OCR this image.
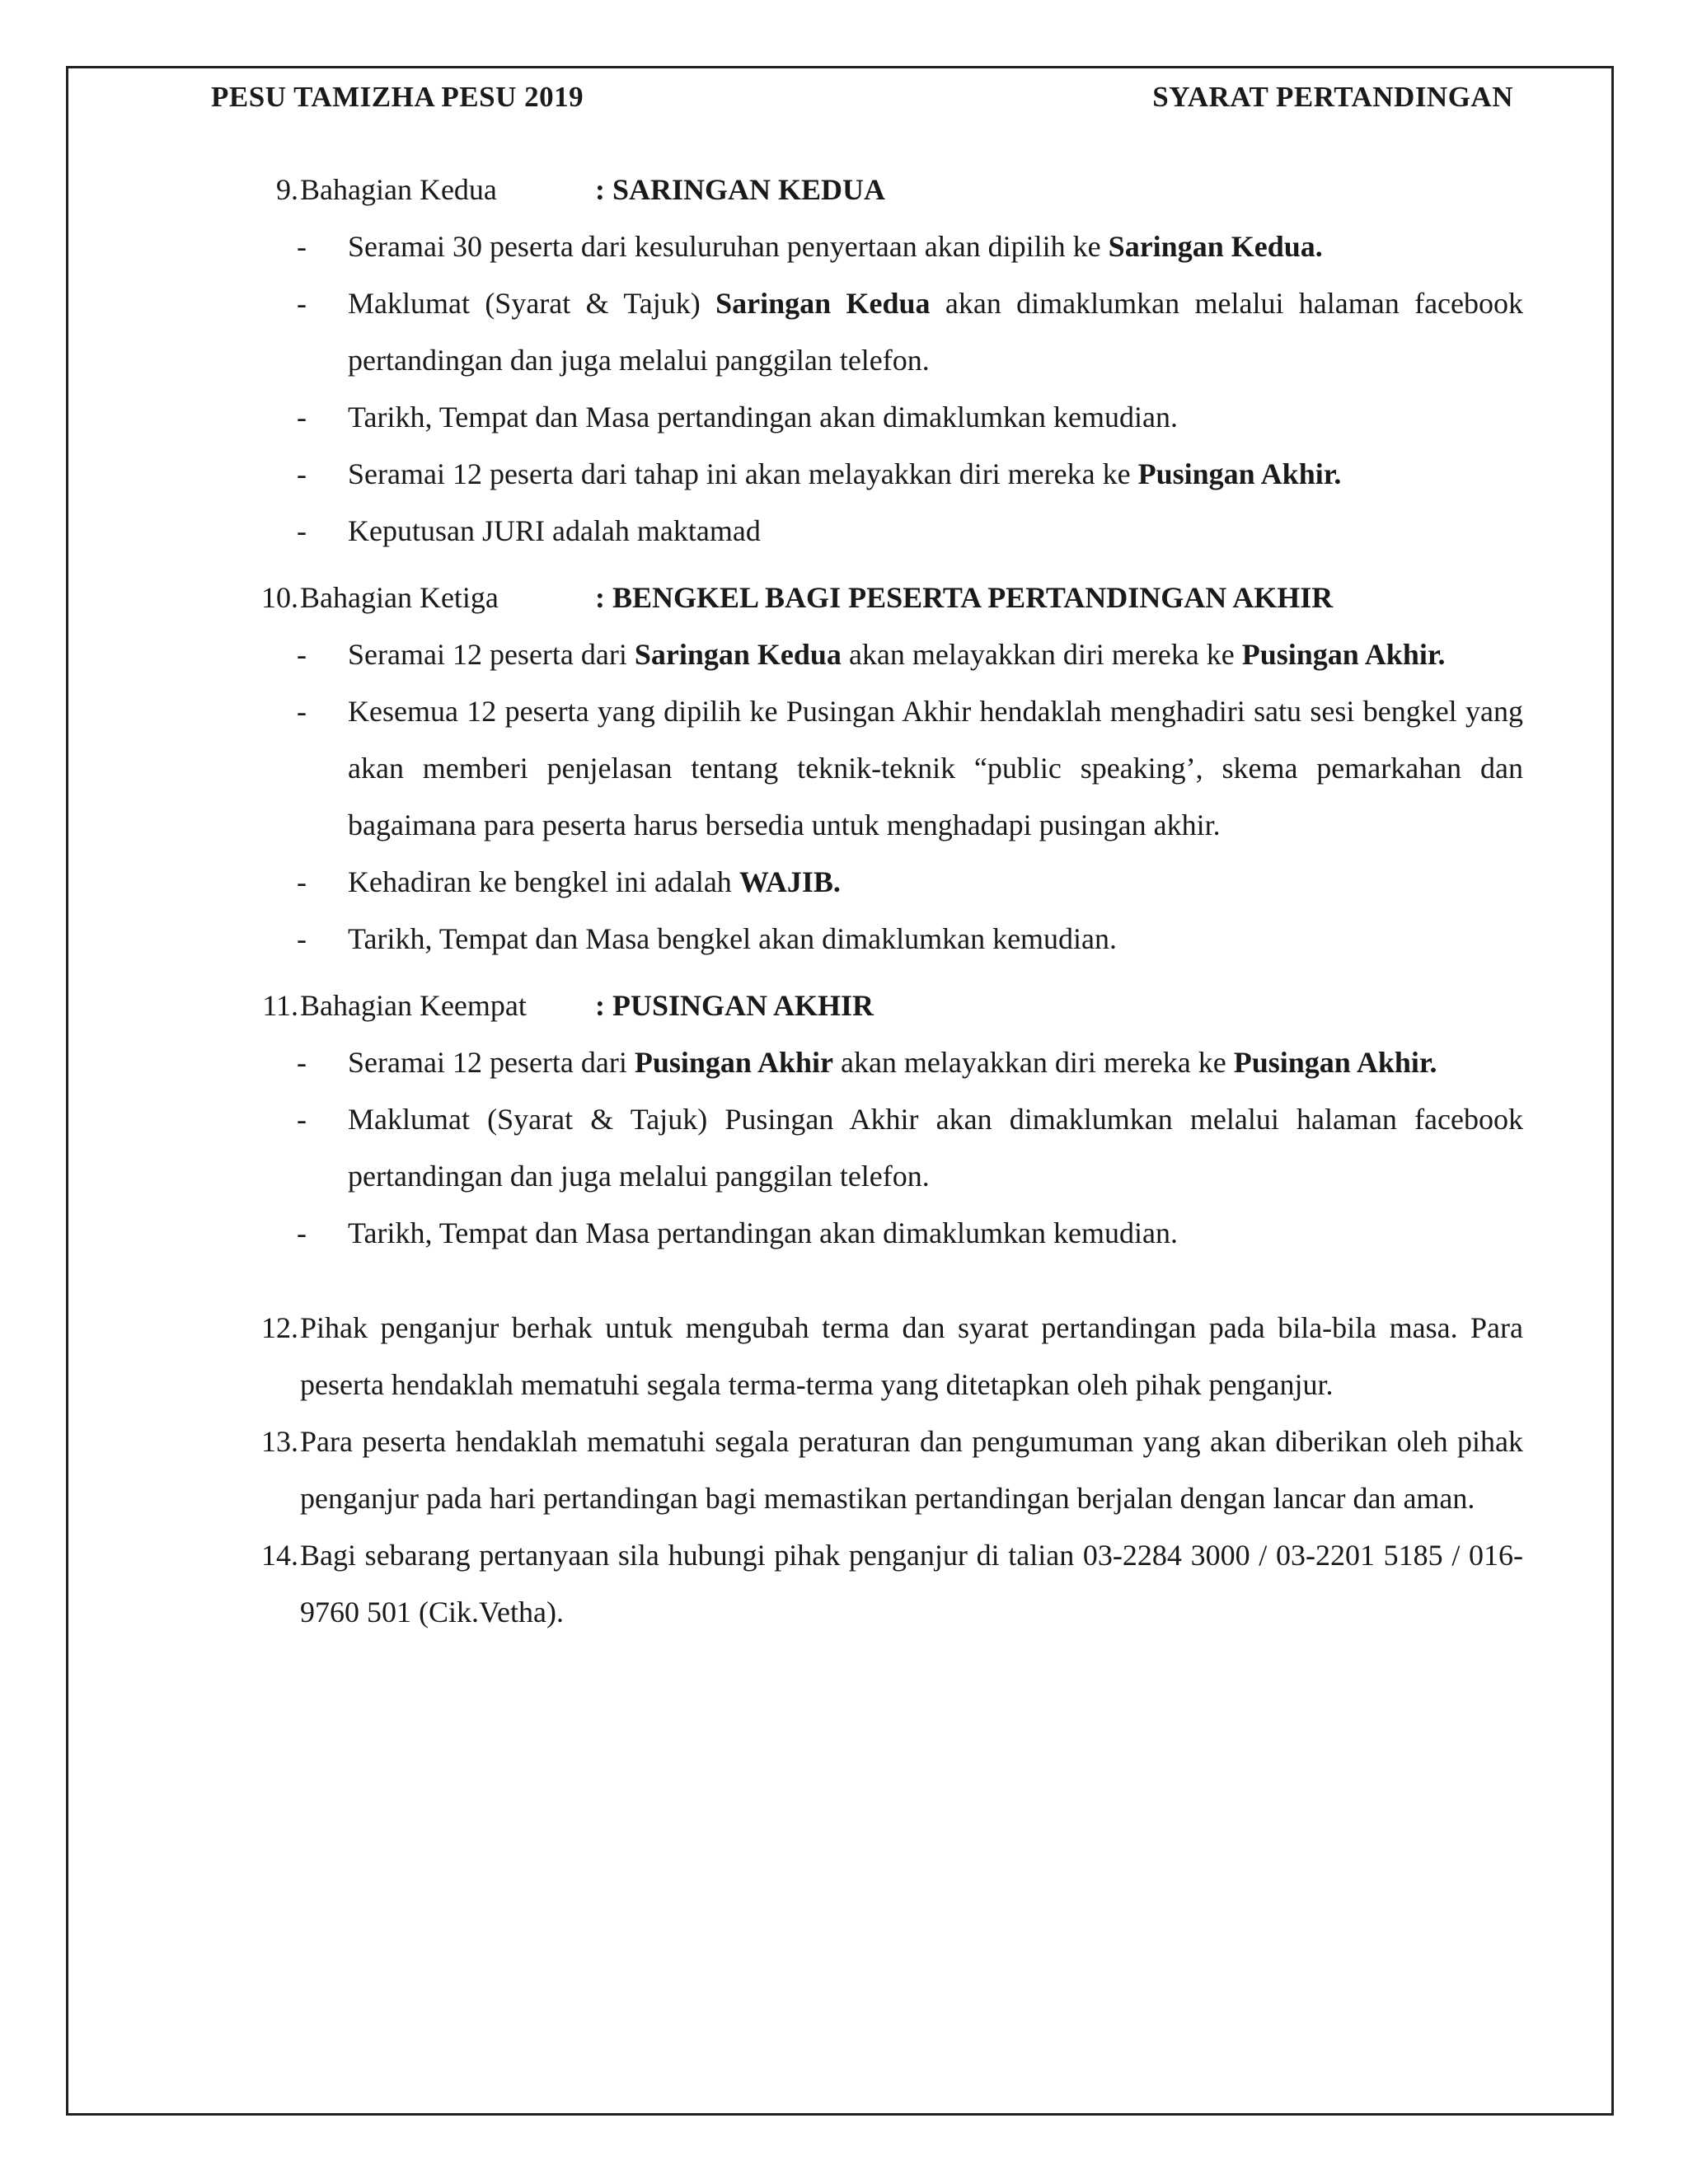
PESU TAMIZHA PESU 2019	SYARAT PERTANDINGAN
9. Bahagian Kedua	: SARINGAN KEDUA
- Seramai 30 peserta dari kesuluruhan penyertaan akan dipilih ke Saringan Kedua.
- Maklumat (Syarat & Tajuk) Saringan Kedua akan dimaklumkan melalui halaman facebook pertandingan dan juga melalui panggilan telefon.
- Tarikh, Tempat dan Masa pertandingan akan dimaklumkan kemudian.
- Seramai 12 peserta dari tahap ini akan melayakkan diri mereka ke Pusingan Akhir.
- Keputusan JURI adalah maktamad
10. Bahagian Ketiga	: BENGKEL BAGI PESERTA PERTANDINGAN AKHIR
- Seramai 12 peserta dari Saringan Kedua akan melayakkan diri mereka ke Pusingan Akhir.
- Kesemua 12 peserta yang dipilih ke Pusingan Akhir hendaklah menghadiri satu sesi bengkel yang akan memberi penjelasan tentang teknik-teknik “public speaking’, skema pemarkahan dan bagaimana para peserta harus bersedia untuk menghadapi pusingan akhir.
- Kehadiran ke bengkel ini adalah WAJIB.
- Tarikh, Tempat dan Masa bengkel akan dimaklumkan kemudian.
11. Bahagian Keempat : PUSINGAN AKHIR
- Seramai 12 peserta dari Pusingan Akhir akan melayakkan diri mereka ke Pusingan Akhir.
- Maklumat (Syarat & Tajuk) Pusingan Akhir akan dimaklumkan melalui halaman facebook pertandingan dan juga melalui panggilan telefon.
- Tarikh, Tempat dan Masa pertandingan akan dimaklumkan kemudian.
12. Pihak penganjur berhak untuk mengubah terma dan syarat pertandingan pada bila-bila masa. Para peserta hendaklah mematuhi segala terma-terma yang ditetapkan oleh pihak penganjur.
13. Para peserta hendaklah mematuhi segala peraturan dan pengumuman yang akan diberikan oleh pihak penganjur pada hari pertandingan bagi memastikan pertandingan berjalan dengan lancar dan aman.
14. Bagi sebarang pertanyaan sila hubungi pihak penganjur di talian 03-2284 3000 / 03-2201 5185 / 016-9760 501 (Cik.Vetha).
